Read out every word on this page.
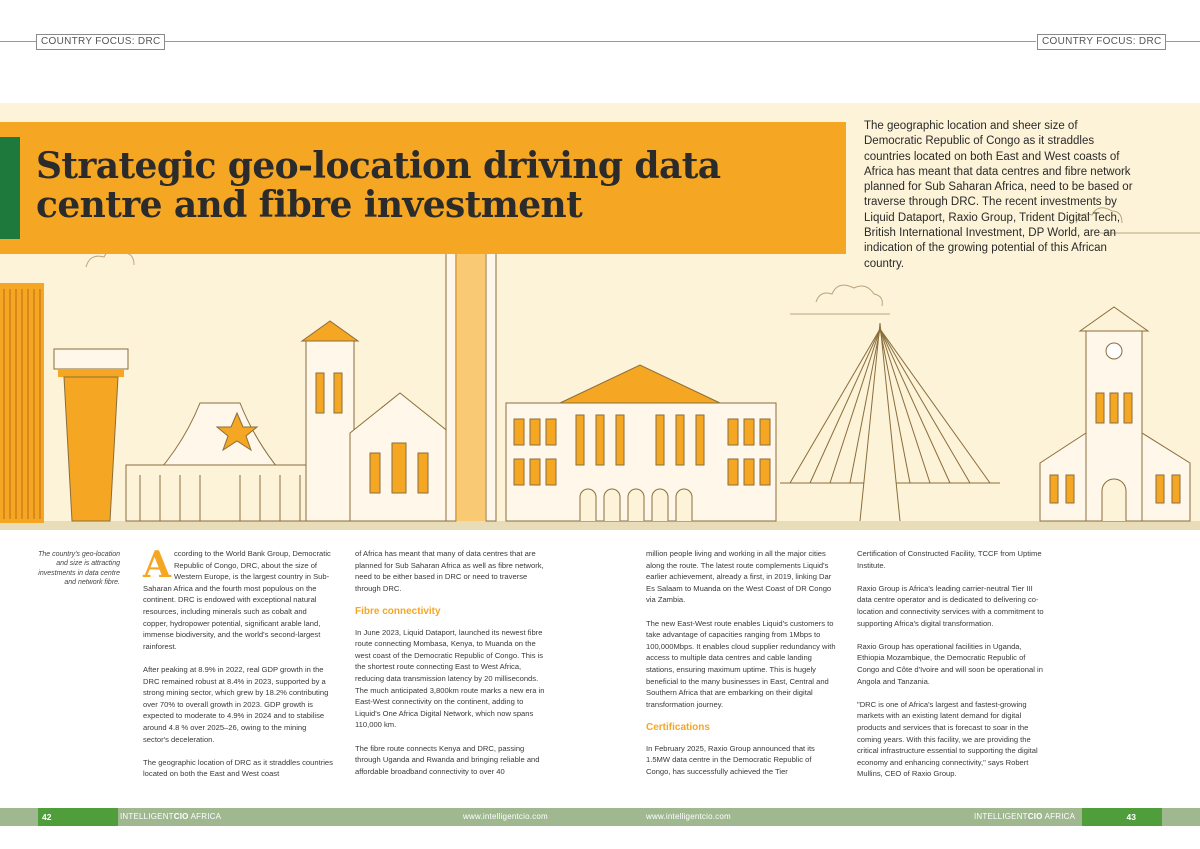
COUNTRY FOCUS: DRC	COUNTRY FOCUS: DRC
Strategic geo-location driving data centre and fibre investment
The geographic location and sheer size of Democratic Republic of Congo as it straddles countries located on both East and West coasts of Africa has meant that data centres and fibre network planned for Sub Saharan Africa, need to be based or traverse through DRC. The recent investments by Liquid Dataport, Raxio Group, Trident Digital Tech, British International Investment, DP World, are an indication of the growing potential of this African country.
The country's geo-location and size is attracting investments in data centre and network fibre. According to the World Bank Group, Democratic Republic of Congo, DRC, about the size of Western Europe, is the largest country in Sub-Saharan Africa and the fourth most populous on the continent. DRC is endowed with exceptional natural resources, including minerals such as cobalt and copper, hydropower potential, significant arable land, immense biodiversity, and the world's second-largest rainforest.

After peaking at 8.9% in 2022, real GDP growth in the DRC remained robust at 8.4% in 2023, supported by a strong mining sector, which grew by 18.2% contributing over 70% to overall growth in 2023. GDP growth is expected to moderate to 4.9% in 2024 and to stabilise around 4.8 % over 2025–26, owing to the mining sector's deceleration.

The geographic location of DRC as it straddles countries located on both the East and West coast

of Africa has meant that many of data centres that are planned for Sub Saharan Africa as well as fibre network, need to be either based in DRC or need to traverse through DRC.

Fibre connectivity

In June 2023, Liquid Dataport, launched its newest fibre route connecting Mombasa, Kenya, to Muanda on the west coast of the Democratic Republic of Congo. This is the shortest route connecting East to West Africa, reducing data transmission latency by 20 milliseconds. The much anticipated 3,800km route marks a new era in East-West connectivity on the continent, adding to Liquid's One Africa Digital Network, which now spans 110,000 km.

The fibre route connects Kenya and DRC, passing through Uganda and Rwanda and bringing reliable and affordable broadband connectivity to over 40

million people living and working in all the major cities along the route. The latest route complements Liquid's earlier achievement, already a first, in 2019, linking Dar Es Salaam to Muanda on the West Coast of DR Congo via Zambia.

The new East-West route enables Liquid's customers to take advantage of capacities ranging from 1Mbps to 100,000Mbps. It enables cloud supplier redundancy with access to multiple data centres and cable landing stations, ensuring maximum uptime. This is hugely beneficial to the many businesses in East, Central and Southern Africa that are embarking on their digital transformation journey.

Certifications

In February 2025, Raxio Group announced that its 1.5MW data centre in the Democratic Republic of Congo, has successfully achieved the Tier

Certification of Constructed Facility, TCCF from Uptime Institute.

Raxio Group is Africa's leading carrier-neutral Tier III data centre operator and is dedicated to delivering co-location and connectivity services with a commitment to supporting Africa's digital transformation.

Raxio Group has operational facilities in Uganda, Ethiopia Mozambique, the Democratic Republic of Congo and Côte d'Ivoire and will soon be operational in Angola and Tanzania.

"DRC is one of Africa's largest and fastest-growing markets with an existing latent demand for digital products and services that is forecast to soar in the coming years. With this facility, we are providing the critical infrastructure essential to supporting the digital economy and enhancing connectivity," says Robert Mullins, CEO of Raxio Group.

42	43
INTELLIGENTCIO AFRICA	www.intelligentcio.com	www.intelligentcio.com	INTELLIGENTCIO AFRICA
